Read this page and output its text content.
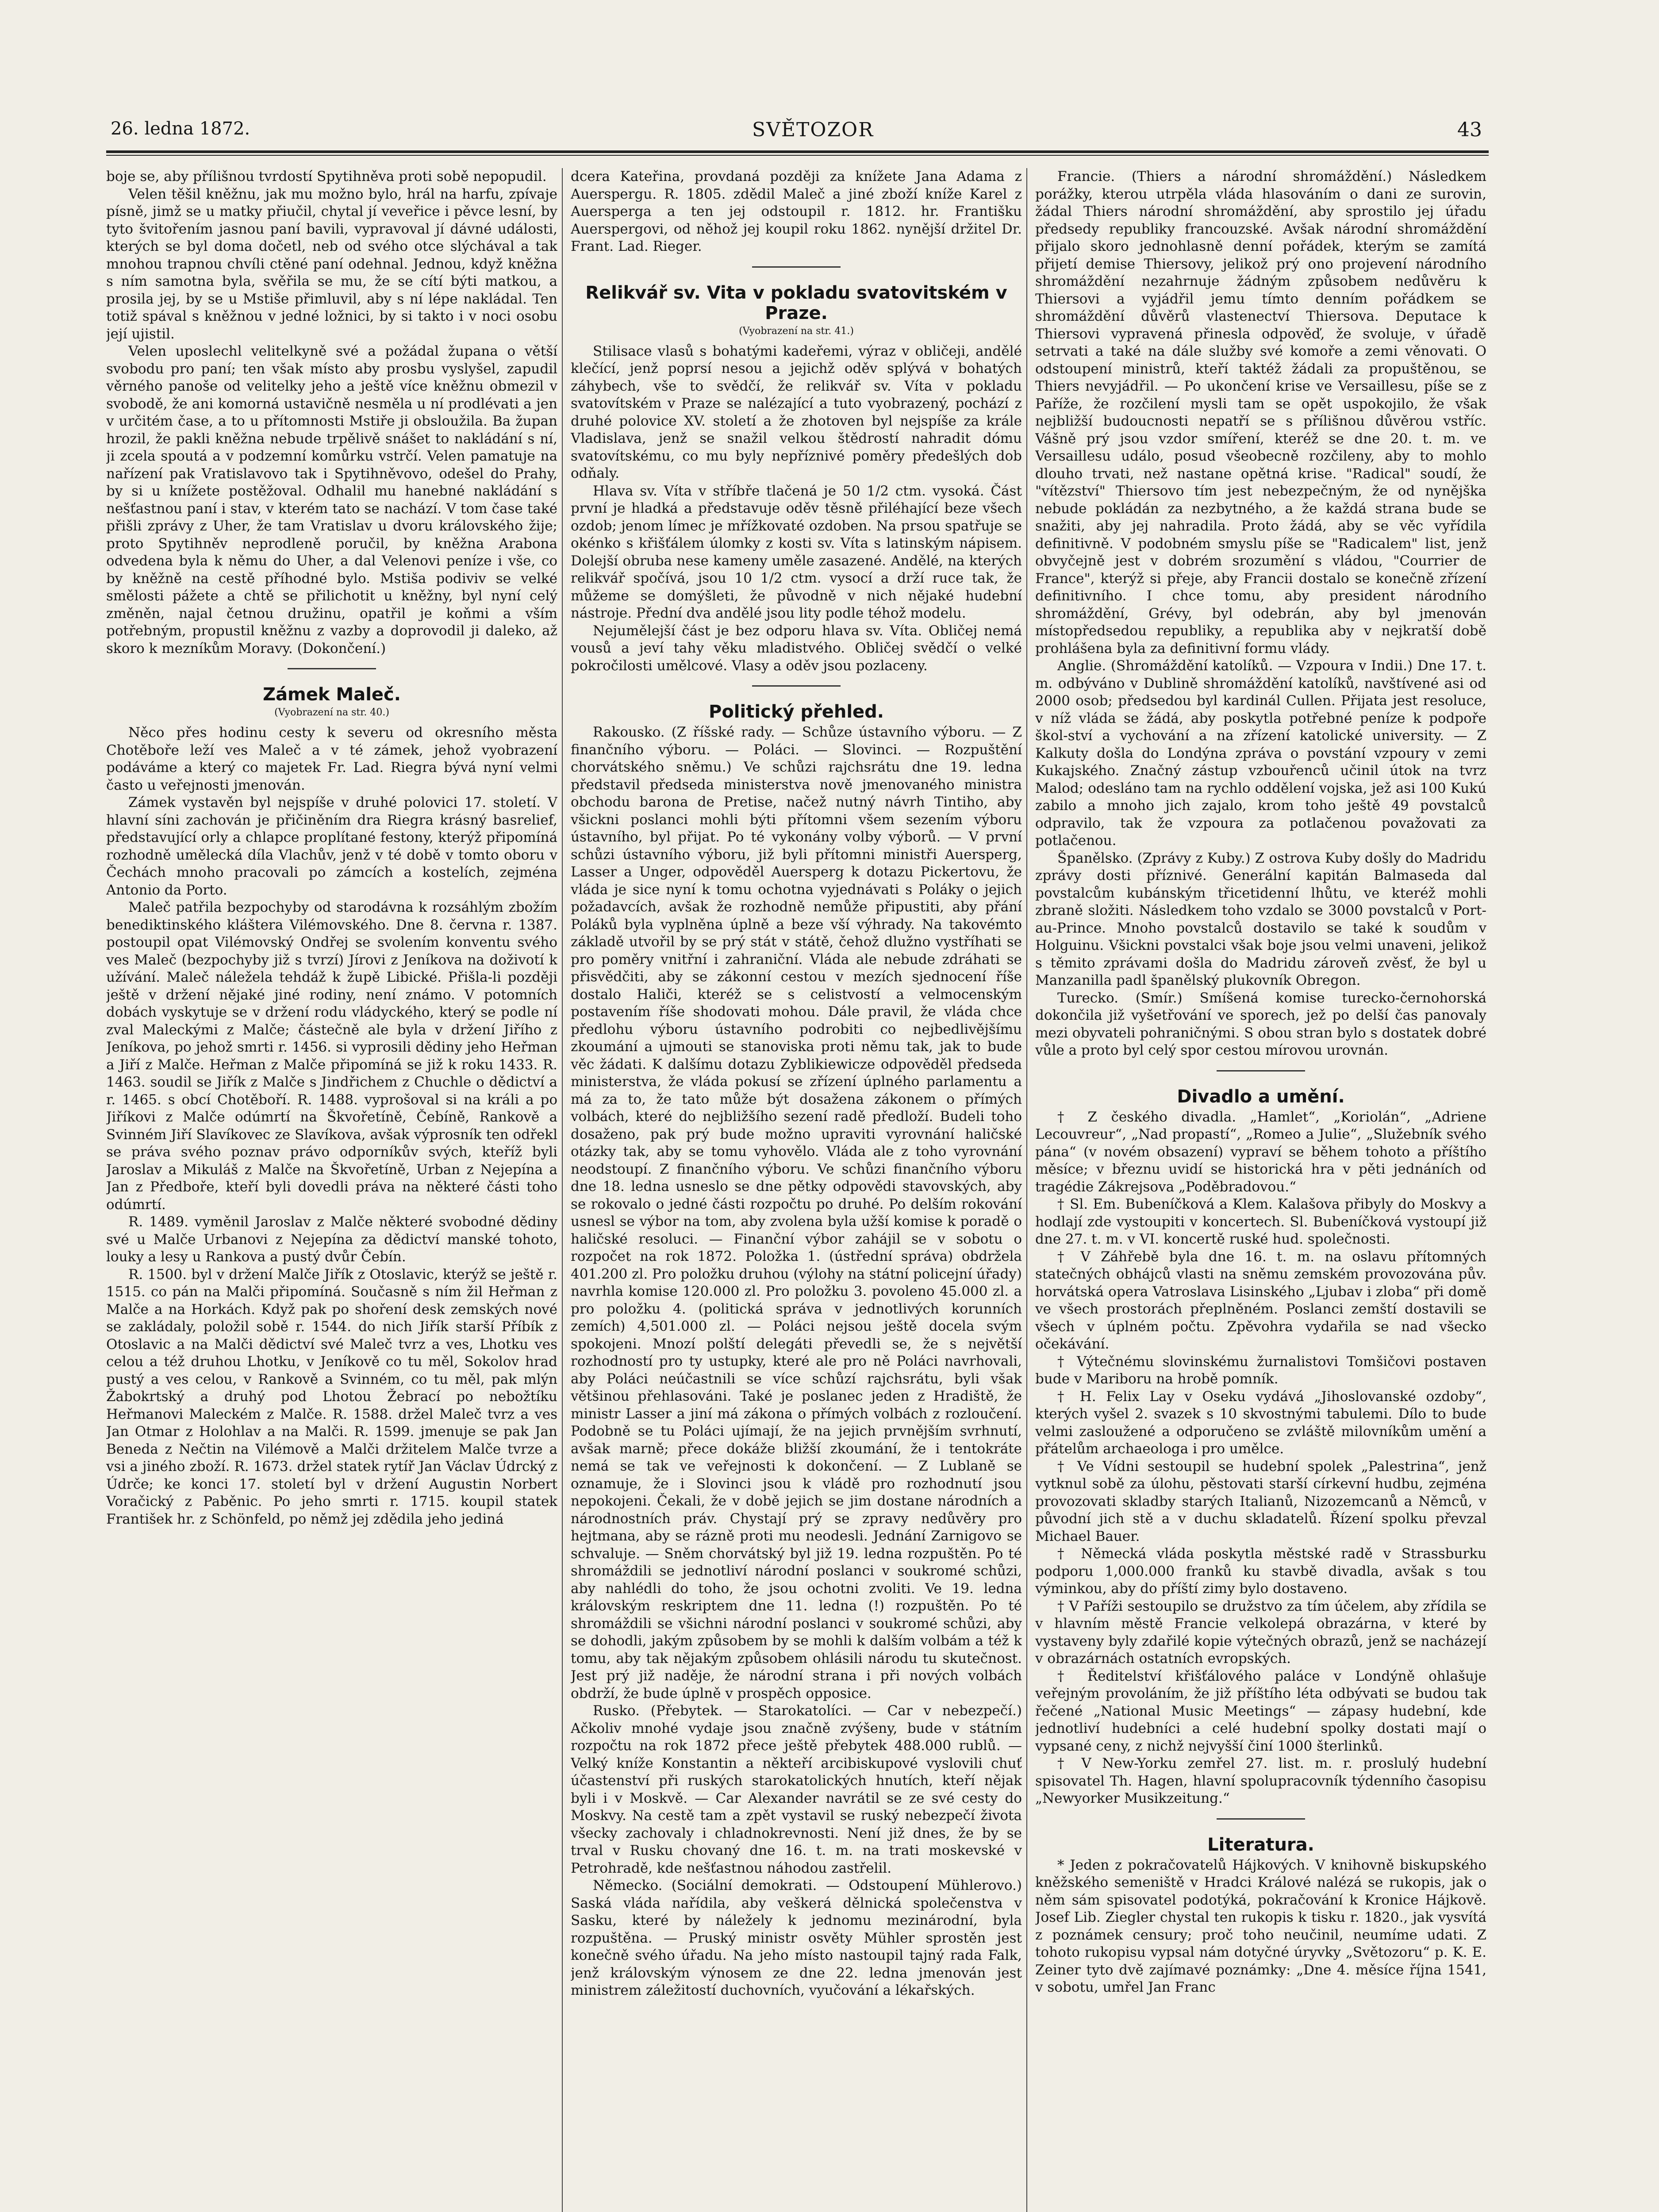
26. ledna 1872.	SVĚTOZOR	43

boje se, aby přílišnou tvrdostí Spytihněva proti sobě nepopudil.

Velen těšil kněžnu, jak mu možno bylo, hrál na harfu, zpívaje písně, jimž se u matky přiučil, chytal jí veveřice i pěvce lesní, by tyto švitořením jasnou paní bavili, vypravoval jí dávné události, kterých se byl doma dočetl, neb od svého otce slýchával a tak mnohou trapnou chvíli ctěné paní odehnal. Jednou, když kněžna s ním samotna byla, svěřila se mu, že se cítí býti matkou, a prosila jej, by se u Mstiše přimluvil, aby s ní lépe nakládal. Ten totiž spával s kněžnou v jedné ložnici, by si takto i v noci osobu její ujistil.

Velen uposlechl velitelkyně své a požádal župana o větší svobodu pro paní; ten však místo aby prosbu vyslyšel, zapudil věrného panoše od velitelky jeho a ještě více kněžnu obmezil v svobodě, že ani komorná ustavičně nesměla u ní prodlévati a jen v určitém čase, a to u přítomnosti Mstiře ji obsloužila. Ba župan hrozil, že pakli kněžna nebude trpělivě snášet to nakládání s ní, ji zcela spoutá a v podzemní komůrku vstrčí. Velen pamatuje na nařízení pak Vratislavovo tak i Spytihněvovo, odešel do Prahy, by si u knížete postěžoval. Odhalil mu hanebné nakládání s nešťastnou paní i stav, v kterém tato se nachází. V tom čase také přišli zprávy z Uher, že tam Vratislav u dvoru královského žije; proto Spytihněv neprodleně poručil, by kněžna Arabona odvedena byla k němu do Uher, a dal Velenovi peníze i vše, co by kněžně na cestě příhodné bylo. Mstiša podiviv se velké smělosti pážete a chtě se přilichotit u kněžny, byl nyní celý změněn, najal četnou družinu, opatřil je koňmi a vším potřebným, propustil kněžnu z vazby a doprovodil ji daleko, až skoro k mezníkům Moravy. (Dokončení.)

Zámek Maleč.
(Vyobrazení na str. 40.)

Něco přes hodinu cesty k severu od okresního města Chotěboře leží ves Maleč a v té zámek, jehož vyobrazení podáváme a který co majetek Fr. Lad. Riegra bývá nyní velmi často u veřejnosti jmenován.

Zámek vystavěn byl nejspíše v druhé polovici 17. století. V hlavní síni zachován je přičiněním dra Riegra krásný basrelief, představující orly a chlapce proplítané festony, kterýž připomíná rozhodně umělecká díla Vlachův, jenž v té době v tomto oboru v Čechách mnoho pracovali po zámcích a kostelích, zejména Antonio da Porto.

Maleč patřila bezpochyby od starodávna k rozsáhlým zbožím benediktinského kláštera Vilémovského. Dne 8. června r. 1387. postoupil opat Vilémovský Ondřej se svolením konventu svého ves Maleč (bezpochyby již s tvrzí) Jírovi z Jeníkova na doživotí k užívání. Maleč náležela tehdáž k župě Libické. Přišla-li později ještě v držení nějaké jiné rodiny, není známo. V potomních dobách vyskytuje se v držení rodu vládyckého, který se podle ní zval Maleckými z Malče; částečně ale byla v držení Jiřího z Jeníkova, po jehož smrti r. 1456. si vyprosili dědiny jeho Heřman a Jiří z Malče. Heřman z Malče připomíná se již k roku 1433. R. 1463. soudil se Jiřík z Malče s Jindřichem z Chuchle o dědictví a r. 1465. s obcí Chotěboří. R. 1488. vyprošoval si na králi a po Jiříkovi z Malče odúmrtí na Škvořetíně, Čebíně, Rankově a Svinném Jiří Slavíkovec ze Slavíkova, avšak výprosník ten odřekl se práva svého poznav právo odporníkův svých, kteříž byli Jaroslav a Mikuláš z Malče na Škvořetíně, Urban z Nejepína a Jan z Předboře, kteří byli dovedli práva na některé části toho odúmrtí.

R. 1489. vyměnil Jaroslav z Malče některé svobodné dědiny své u Malče Urbanovi z Nejepína za dědictví manské tohoto, louky a lesy u Rankova a pustý dvůr Čebín.

R. 1500. byl v držení Malče Jiřík z Otoslavic, kterýž se ještě r. 1515. co pán na Malči připomíná. Současně s ním žil Heřman z Malče a na Horkách. Když pak po shoření desk zemských nové se zakládaly, položil sobě r. 1544. do nich Jiřík starší Příbík z Otoslavic a na Malči dědictví své Maleč tvrz a ves, Lhotku ves celou a též druhou Lhotku, v Jeníkově co tu měl, Sokolov hrad pustý a ves celou, v Rankově a Svinném, co tu měl, pak mlýn Žabokrtský a druhý pod Lhotou Žebrací po nebožtíku Heřmanovi Maleckém z Malče. R. 1588. držel Maleč tvrz a ves Jan Otmar z Holohlav a na Malči. R. 1599. jmenuje se pak Jan Beneda z Nečtin na Vilémově a Malči držitelem Malče tvrze a vsi a jiného zboží. R. 1673. držel statek rytíř Jan Václav Údrcký z Údrče; ke konci 17. století byl v držení Augustin Norbert Voračický z Paběnic. Po jeho smrti r. 1715. koupil statek František hr. z Schönfeld, po němž jej zdědila jeho jediná

dcera Kateřina, provdaná později za knížete Jana Adama z Auerspergu. R. 1805. zdědil Maleč a jiné zboží kníže Karel z Auersperga a ten jej odstoupil r. 1812. hr. Františku Auerspergovi, od něhož jej koupil roku 1862. nynější držitel Dr. Frant. Lad. Rieger.

Relikvář sv. Vita v pokladu svatovitském v Praze.
(Vyobrazení na str. 41.)

Stilisace vlasů s bohatými kadeřemi, výraz v obličeji, andělé klečící, jenž poprsí nesou a jejichž oděv splývá v bohatých záhybech, vše to svědčí, že relikvář sv. Víta v pokladu svatovítském v Praze se nalézající a tuto vyobrazený, pochází z druhé polovice XV. století a že zhotoven byl nejspíše za krále Vladislava, jenž se snažil velkou štědrostí nahradit dómu svatovítskému, co mu byly nepříznivé poměry předešlých dob odňaly.

Hlava sv. Víta v stříbře tlačená je 50 1/2 ctm. vysoká. Část první je hladká a představuje oděv těsně přiléhající beze všech ozdob; jenom límec je mřížkovaté ozdoben. Na prsou spatřuje se okénko s křišťálem úlomky z kosti sv. Víta s latinským nápisem. Dolejší obruba nese kameny uměle zasazené. Andělé, na kterých relikvář spočívá, jsou 10 1/2 ctm. vysocí a drží ruce tak, že můžeme se domýšleti, že původně v nich nějaké hudební nástroje. Přední dva andělé jsou lity podle téhož modelu.

Nejumělejší část je bez odporu hlava sv. Víta. Obličej nemá vousů a jeví tahy věku mladistvého. Obličej svědčí o velké pokročilosti umělcové. Vlasy a oděv jsou pozlaceny.

Politický přehled.

Rakousko. (Z říšské rady. — Schůze ústavního výboru. — Z finančního výboru. — Poláci. — Slovinci. — Rozpuštění chorvátského sněmu.) Ve schůzi rajchsrátu dne 19. ledna představil předseda ministerstva nově jmenovaného ministra obchodu barona de Pretise, načež nutný návrh Tintiho, aby všickni poslanci mohli býti přítomni všem sezením výboru ústavního, byl přijat. Po té vykonány volby výborů. — V první schůzi ústavního výboru, již byli přítomni ministři Auersperg, Lasser a Unger, odpověděl Auersperg k dotazu Pickertovu, že vláda je sice nyní k tomu ochotna vyjednávati s Poláky o jejich požadavcích, avšak že rozhodně nemůže připustiti, aby přání Poláků byla vyplněna úplně a beze vší výhrady. Na takovémto základě utvořil by se prý stát v státě, čehož dlužno vystříhati se pro poměry vnitřní i zahraniční. Vláda ale nebude zdráhati se přisvědčiti, aby se zákonní cestou v mezích sjednocení říše dostalo Haliči, kteréž se s celistvostí a velmocenským postavením říše shodovati mohou. Dále pravil, že vláda chce předlohu výboru ústavního podrobiti co nejbedlivějšímu zkoumání a ujmouti se stanoviska proti němu tak, jak to bude věc žádati. K dalšímu dotazu Zyblikiewicze odpověděl předseda ministerstva, že vláda pokusí se zřízení úplného parlamentu a má za to, že tato může být dosažena zákonem o přímých volbách, které do nejbližšího sezení radě předloží. Budeli toho dosaženo, pak prý bude možno upraviti vyrovnání haličské otázky tak, aby se tomu vyhovělo. Vláda ale z toho vyrovnání neodstoupí. Z finančního výboru. Ve schůzi finančního výboru dne 18. ledna usneslo se dne pětky odpovědi stavovských, aby se rokovalo o jedné části rozpočtu po druhé. Po delším rokování usnesl se výbor na tom, aby zvolena byla užší komise k poradě o haličské resoluci. — Finanční výbor zahájil se v sobotu o rozpočet na rok 1872. Položka 1. (ústřední správa) obdržela 401.200 zl. Pro položku druhou (výlohy na státní policejní úřady) navrhla komise 120.000 zl. Pro položku 3. povoleno 45.000 zl. a pro položku 4. (politická správa v jednotlivých korunních zemích) 4,501.000 zl. — Poláci nejsou ještě docela svým spokojeni. Mnozí polští delegáti převedli se, že s největší rozhodností pro ty ustupky, které ale pro ně Poláci navrhovali, aby Poláci neúčastnili se více schůzí rajchsrátu, byli však většinou přehlasováni. Také je poslanec jeden z Hradiště, že ministr Lasser a jiní má zákona o přímých volbách z rozloučení. Podobně se tu Poláci ujímají, že na jejich prvnějším svrhnutí, avšak marně; přece dokáže bližší zkoumání, že i tentokráte nemá se tak ve veřejnosti k dokončení. — Z Lublaně se oznamuje, že i Slovinci jsou k vládě pro rozhodnutí jsou nepokojeni. Čekali, že v době jejich se jim dostane národních a národnostních práv. Chystají prý se zpravy nedůvěry pro hejtmana, aby se rázně proti mu neodesli. Jednání Zarnigovo se schvaluje. — Sněm chorvátský byl již 19. ledna rozpuštěn. Po té shromáždili se jednotliví národní poslanci v soukromé schůzi, aby nahlédli do toho, že jsou ochotni zvoliti. Ve 19. ledna královským reskriptem dne 11. ledna (!) rozpuštěn. Po té shromáždili se všichni národní poslanci v soukromé schůzi, aby se dohodli, jakým způsobem by se mohli k dalším volbám a též k tomu, aby tak nějakým způsobem ohlásili národu tu skutečnost. Jest prý již naděje, že národní strana i při nových volbách obdrží, že bude úplně v prospěch opposice.

Rusko. (Přebytek. — Starokatolíci. — Car v nebezpečí.) Ačkoliv mnohé vydaje jsou značně zvýšeny, bude v státním rozpočtu na rok 1872 přece ještě přebytek 488.000 rublů. — Velký kníže Konstantin a někteří arcibiskupové vyslovili chuť účastenství při ruských starokatolických hnutích, kteří nějak byli i v Moskvě. — Car Alexander navrátil se ze své cesty do Moskvy. Na cestě tam a zpět vystavil se ruský nebezpečí života všecky zachovaly i chladnokrevnosti. Není již dnes, že by se trval v Rusku chovaný dne 16. t. m. na trati moskevské v Petrohradě, kde nešťastnou náhodou zastřelil.

Německo. (Sociální demokrati. — Odstoupení Mühlerovo.) Saská vláda nařídila, aby veškerá dělnická společenstva v Sasku, které by náležely k jednomu mezinárodní, byla rozpuštěna. — Pruský ministr osvěty Mühler sprostěn jest konečně svého úřadu. Na jeho místo nastoupil tajný rada Falk, jenž královským výnosem ze dne 22. ledna jmenován jest ministrem záležitostí duchovních, vyučování a lékařských.

Francie. (Thiers a národní shromáždění.) Následkem porážky, kterou utrpěla vláda hlasováním o dani ze surovin, žádal Thiers národní shromáždění, aby sprostilo jej úřadu předsedy republiky francouzské. Avšak národní shromáždění přijalo skoro jednohlasně denní pořádek, kterým se zamítá přijetí demise Thiersovy, jelikož prý ono projevení národního shromáždění nezahrnuje žádným způsobem nedůvěru k Thiersovi a vyjádřil jemu tímto denním pořádkem se shromáždění důvěrů vlastenectví Thiersova. Deputace k Thiersovi vypravená přinesla odpověď, že svoluje, v úřadě setrvati a také na dále služby své komoře a zemi věnovati. O odstoupení ministrů, kteří taktéž žádali za propuštěnou, se Thiers nevyjádřil. — Po ukončení krise ve Versaillesu, píše se z Paříže, že rozčilení mysli tam se opět uspokojilo, že však nejbližší budoucnosti nepatří se s přílišnou důvěrou vstříc. Vášně prý jsou vzdor smíření, kteréž se dne 20. t. m. ve Versaillesu událo, posud všeobecně rozčileny, aby to mohlo dlouho trvati, než nastane opětná krise. "Radical" soudí, že "vítězství" Thiersovo tím jest nebezpečným, že od nynějška nebude pokládán za nezbytného, a že každá strana bude se snažiti, aby jej nahradila. Proto žádá, aby se věc vyřídila definitivně. V podobném smyslu píše se "Radicalem" list, jenž obvyčejně jest v dobrém srozumění s vládou, "Courrier de France", kterýž si přeje, aby Francii dostalo se konečně zřízení definitivního. I chce tomu, aby president národního shromáždění, Grévy, byl odebrán, aby byl jmenován místopředsedou republiky, a republika aby v nejkratší době prohlášena byla za definitivní formu vlády.

Anglie. (Shromáždění katolíků. — Vzpoura v Indii.) Dne 17. t. m. odbýváno v Dublině shromáždění katolíků, navštívené asi od 2000 osob; předsedou byl kardinál Cullen. Přijata jest resoluce, v níž vláda se žádá, aby poskytla potřebné peníze k podpoře škol-ství a vychování a na zřízení katolické university. — Z Kalkuty došla do Londýna zpráva o povstání vzpoury v zemi Kukajského. Značný zástup vzbouřenců učinil útok na tvrz Malod; odesláno tam na rychlo oddělení vojska, jež asi 100 Kukú zabilo a mnoho jich zajalo, krom toho ještě 49 povstalců odpravilo, tak že vzpoura za potlačenou považovati za potlačenou.

Španělsko. (Zprávy z Kuby.) Z ostrova Kuby došly do Madridu zprávy dosti příznivé. Generální kapitán Balmaseda dal povstalcům kubánským třicetidenní lhůtu, ve kteréž mohli zbraně složiti. Následkem toho vzdalo se 3000 povstalců v Port-au-Prince. Mnoho povstalců dostavilo se také k soudům v Holguinu. Všickni povstalci však boje jsou velmi unaveni, jelikož s těmito zprávami došla do Madridu zároveň zvěsť, že byl u Manzanilla padl španělský plukovník Obregon.

Turecko. (Smír.) Smíšená komise turecko-černohorská dokončila již vyšetřování ve sporech, jež po delší čas panovaly mezi obyvateli pohraničnými. S obou stran bylo s dostatek dobré vůle a proto byl celý spor cestou mírovou urovnán.

Divadlo a umění.

† Z českého divadla. „Hamlet“, „Koriolán“, „Adriene Lecouvreur“, „Nad propastí“, „Romeo a Julie“, „Služebník svého pána“ (v novém obsazení) vypraví se během tohoto a příštího měsíce; v březnu uvidí se historická hra v pěti jednáních od tragédie Zákrejsova „Poděbradovou.“

† Sl. Em. Bubeníčková a Klem. Kalašova přibyly do Moskvy a hodlají zde vystoupiti v koncertech. Sl. Bubeníčková vystoupí již dne 27. t. m. v VI. koncertě ruské hud. společnosti.

† V Záhřebě byla dne 16. t. m. na oslavu přítomných statečných obhájců vlasti na sněmu zemském provozována pův. horvátská opera Vatroslava Lisinského „Ljubav i zloba“ při domě ve všech prostorách přeplněném. Poslanci zemští dostavili se všech v úplném počtu. Zpěvohra vydařila se nad všecko očekávání.

† Výtečnému slovinskému žurnalistovi Tomšičovi postaven bude v Mariboru na hrobě pomník.

† H. Felix Lay v Oseku vydává „Jihoslovanské ozdoby“, kterých vyšel 2. svazek s 10 skvostnými tabulemi. Dílo to bude velmi zasloužené a odporučeno se zvláště milovníkům umění a přátelům archaeologa i pro umělce.

† Ve Vídni sestoupil se hudební spolek „Palestrina“, jenž vytknul sobě za úlohu, pěstovati starší církevní hudbu, zejména provozovati skladby starých Italianů, Nizozemcanů a Němců, v původní jich stě a v duchu skladatelů. Řízení spolku převzal Michael Bauer.

† Německá vláda poskytla městské radě v Strassburku podporu 1,000.000 franků ku stavbě divadla, avšak s tou výminkou, aby do příští zimy bylo dostaveno.

† V Paříži sestoupilo se družstvo za tím účelem, aby zřídila se v hlavním městě Francie velkolepá obrazárna, v které by vystaveny byly zdařilé kopie výtečných obrazů, jenž se nacházejí v obrazárnách ostatních evropských.

† Ředitelství křišťálového paláce v Londýně ohlašuje veřejným provoláním, že již příštího léta odbývati se budou tak řečené „National Music Meetings“ — zápasy hudební, kde jednotliví hudebníci a celé hudební spolky dostati mají o vypsané ceny, z nichž nejvyšší činí 1000 šterlinků.

† V New-Yorku zemřel 27. list. m. r. proslulý hudební spisovatel Th. Hagen, hlavní spolupracovník týdenního časopisu „Newyorker Musikzeitung.“

Literatura.

* Jeden z pokračovatelů Hájkových. V knihovně biskupského kněžského semeniště v Hradci Králové nalézá se rukopis, jak o něm sám spisovatel podotýká, pokračování k Kronice Hájkově. Josef Lib. Ziegler chystal ten rukopis k tisku r. 1820., jak vysvítá z poznámek censury; proč toho neučinil, neumíme udati. Z tohoto rukopisu vypsal nám dotyčné úryvky „Světozoru“ p. K. E. Zeiner tyto dvě zajímavé poznámky: „Dne 4. měsíce října 1541, v sobotu, umřel Jan Franc
